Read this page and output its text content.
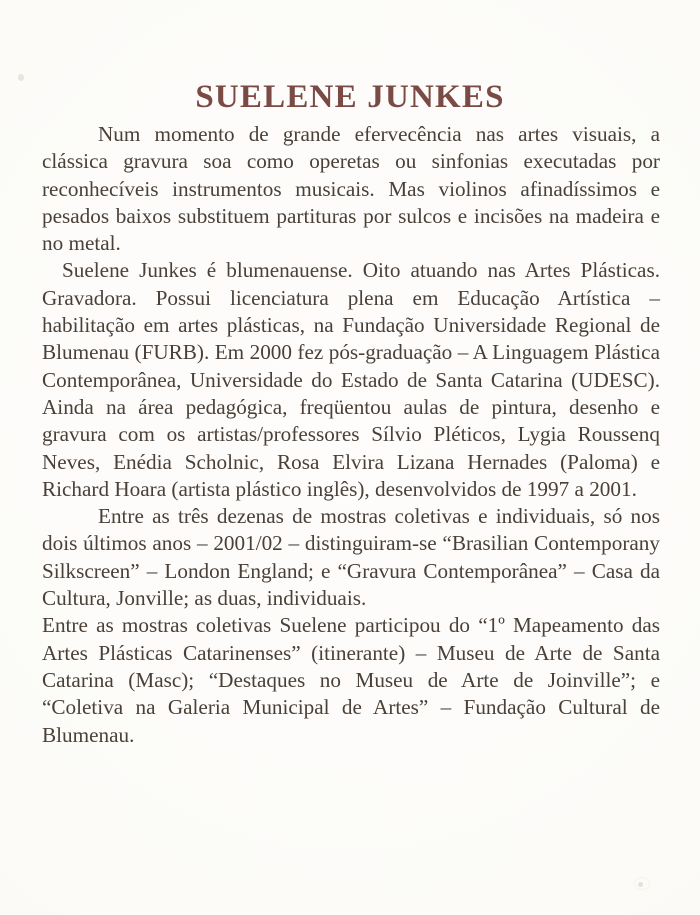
SUELENE JUNKES

Num momento de grande efervecência nas artes visuais, a clássica gravura soa como operetas ou sinfonias executadas por reconhecíveis instrumentos musicais. Mas violinos afinadíssimos e pesados baixos substituem partituras por sulcos e incisões na madeira e no metal.

Suelene Junkes é blumenauense. Oito atuando nas Artes Plásticas. Gravadora. Possui licenciatura plena em Educação Artística – habilitação em artes plásticas, na Fundação Universidade Regional de Blumenau (FURB). Em 2000 fez pós-graduação – A Linguagem Plástica Contemporânea, Universidade do Estado de Santa Catarina (UDESC). Ainda na área pedagógica, freqüentou aulas de pintura, desenho e gravura com os artistas/professores Sílvio Pléticos, Lygia Roussenq Neves, Enédia Scholnic, Rosa Elvira Lizana Hernades (Paloma) e Richard Hoara (artista plástico inglês), desenvolvidos de 1997 a 2001.

Entre as três dezenas de mostras coletivas e individuais, só nos dois últimos anos – 2001/02 – distinguiram-se “Brasilian Contemporany Silkscreen” – London England; e “Gravura Contemporânea” – Casa da Cultura, Jonville; as duas, individuais.

Entre as mostras coletivas Suelene participou do “1º Mapeamento das Artes Plásticas Catarinenses” (itinerante) – Museu de Arte de Santa Catarina (Masc); “Destaques no Museu de Arte de Joinville”; e “Coletiva na Galeria Municipal de Artes” – Fundação Cultural de Blumenau.
